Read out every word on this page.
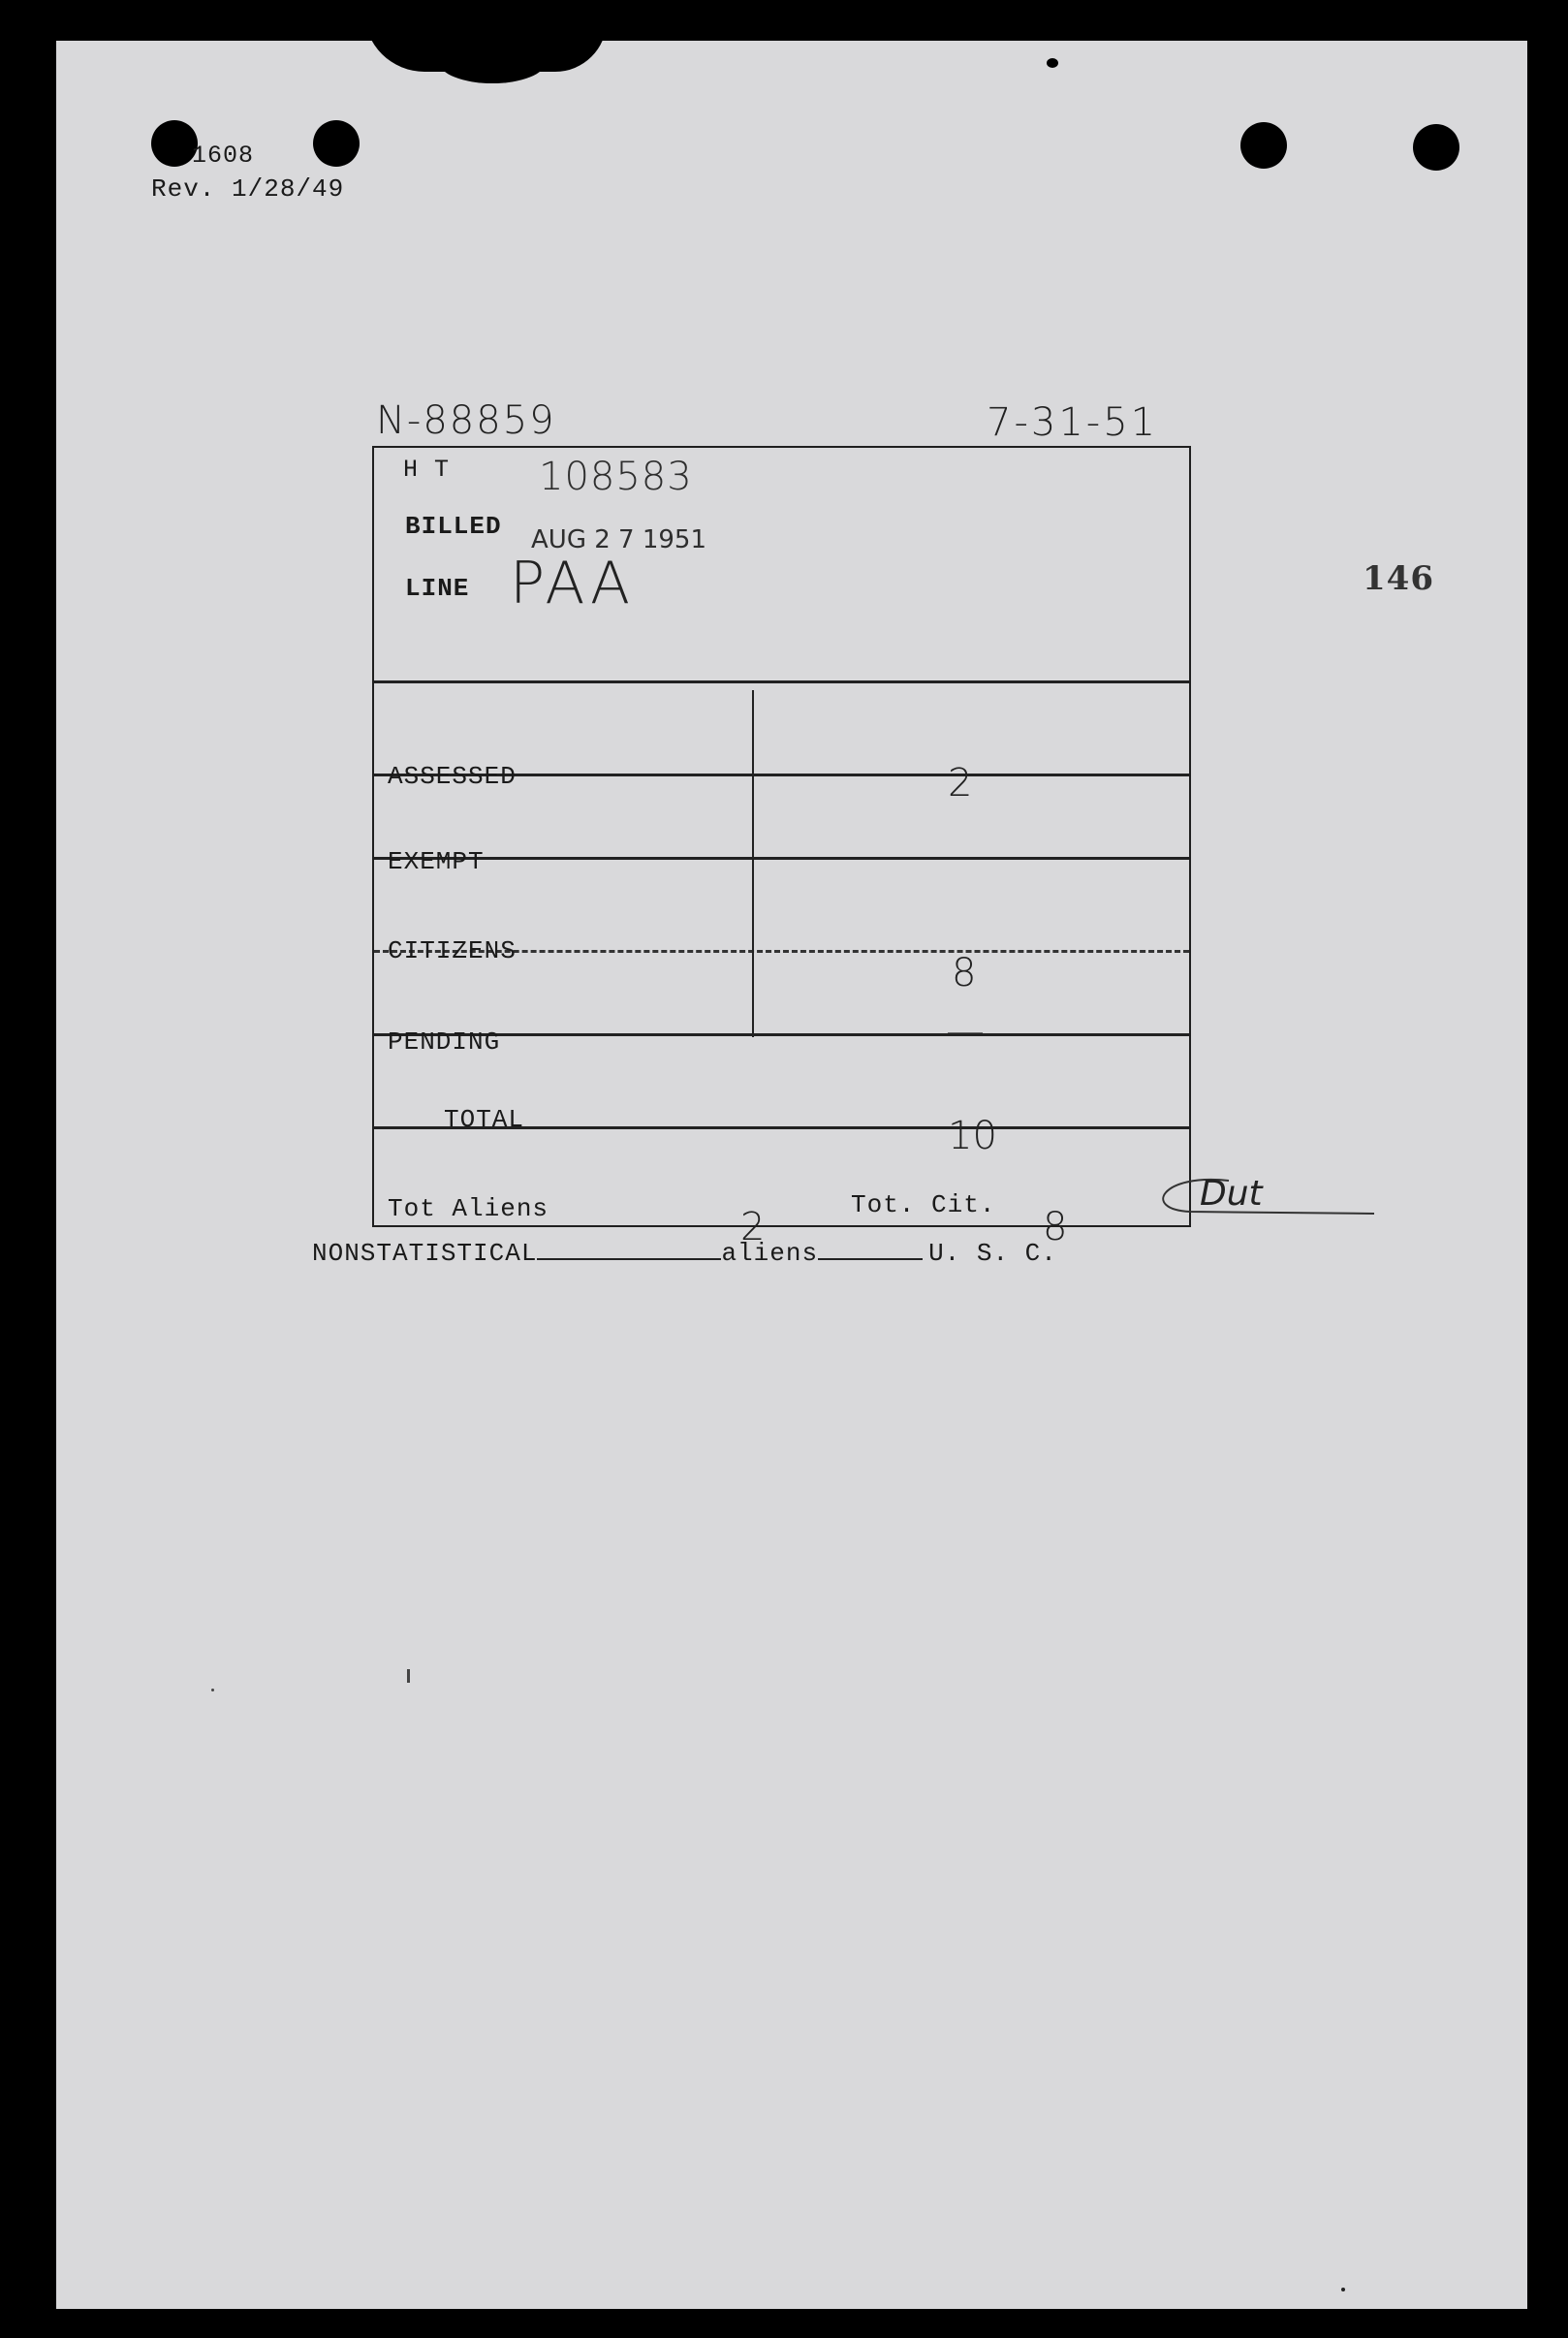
1608
Rev. 1/28/49
N-88859	7-31-51
146
H T 108583
BILLED AUG 2 7 1951
LINE PAA
ASSESSED	2
EXEMPT	—
CITIZENS	8
PENDING	—
TOTAL	10
Tot Aliens	2	Tot. Cit. 8
Dut
NONSTATISTICAL	aliens	U. S. C.
